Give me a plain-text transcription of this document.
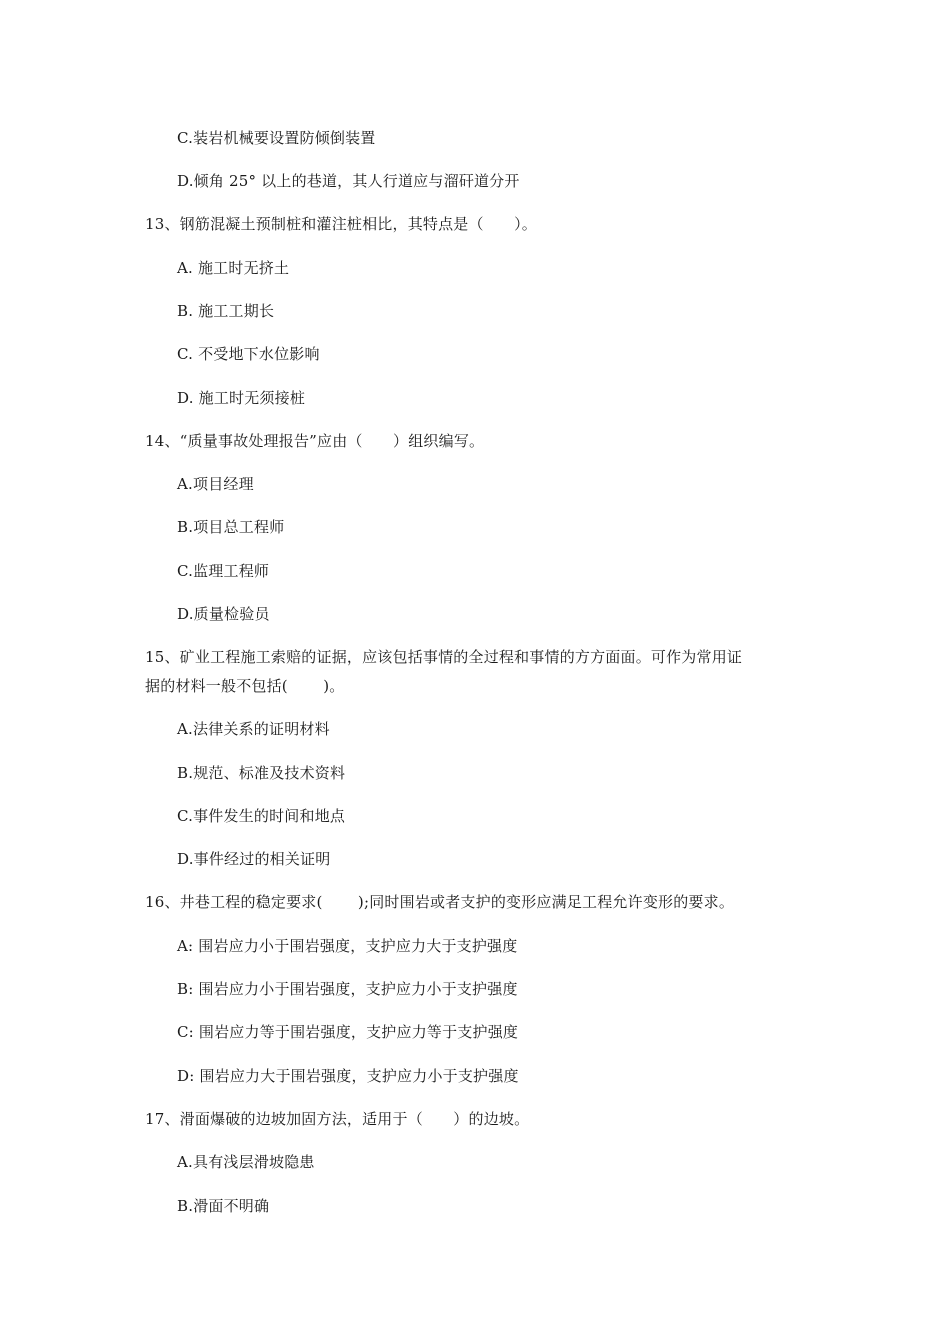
C.装岩机械要设置防倾倒装置
D.倾角 25° 以上的巷道，其人行道应与溜矸道分开
13、钢筋混凝土预制桩和灌注桩相比，其特点是（　　）。
A. 施工时无挤土
B. 施工工期长
C. 不受地下水位影响
D. 施工时无须接桩
14、“质量事故处理报告”应由（　　）组织编写。
A.项目经理
B.项目总工程师
C.监理工程师
D.质量检验员
15、矿业工程施工索赔的证据，应该包括事情的全过程和事情的方方面面。可作为常用证
据的材料一般不包括(　　 )。
A.法律关系的证明材料
B.规范、标准及技术资料
C.事件发生的时间和地点
D.事件经过的相关证明
16、井巷工程的稳定要求(　　 );同时围岩或者支护的变形应满足工程允许变形的要求。
A: 围岩应力小于围岩强度，支护应力大于支护强度
B: 围岩应力小于围岩强度，支护应力小于支护强度
C: 围岩应力等于围岩强度，支护应力等于支护强度
D: 围岩应力大于围岩强度，支护应力小于支护强度
17、滑面爆破的边坡加固方法，适用于（　　）的边坡。
A.具有浅层滑坡隐患
B.滑面不明确
